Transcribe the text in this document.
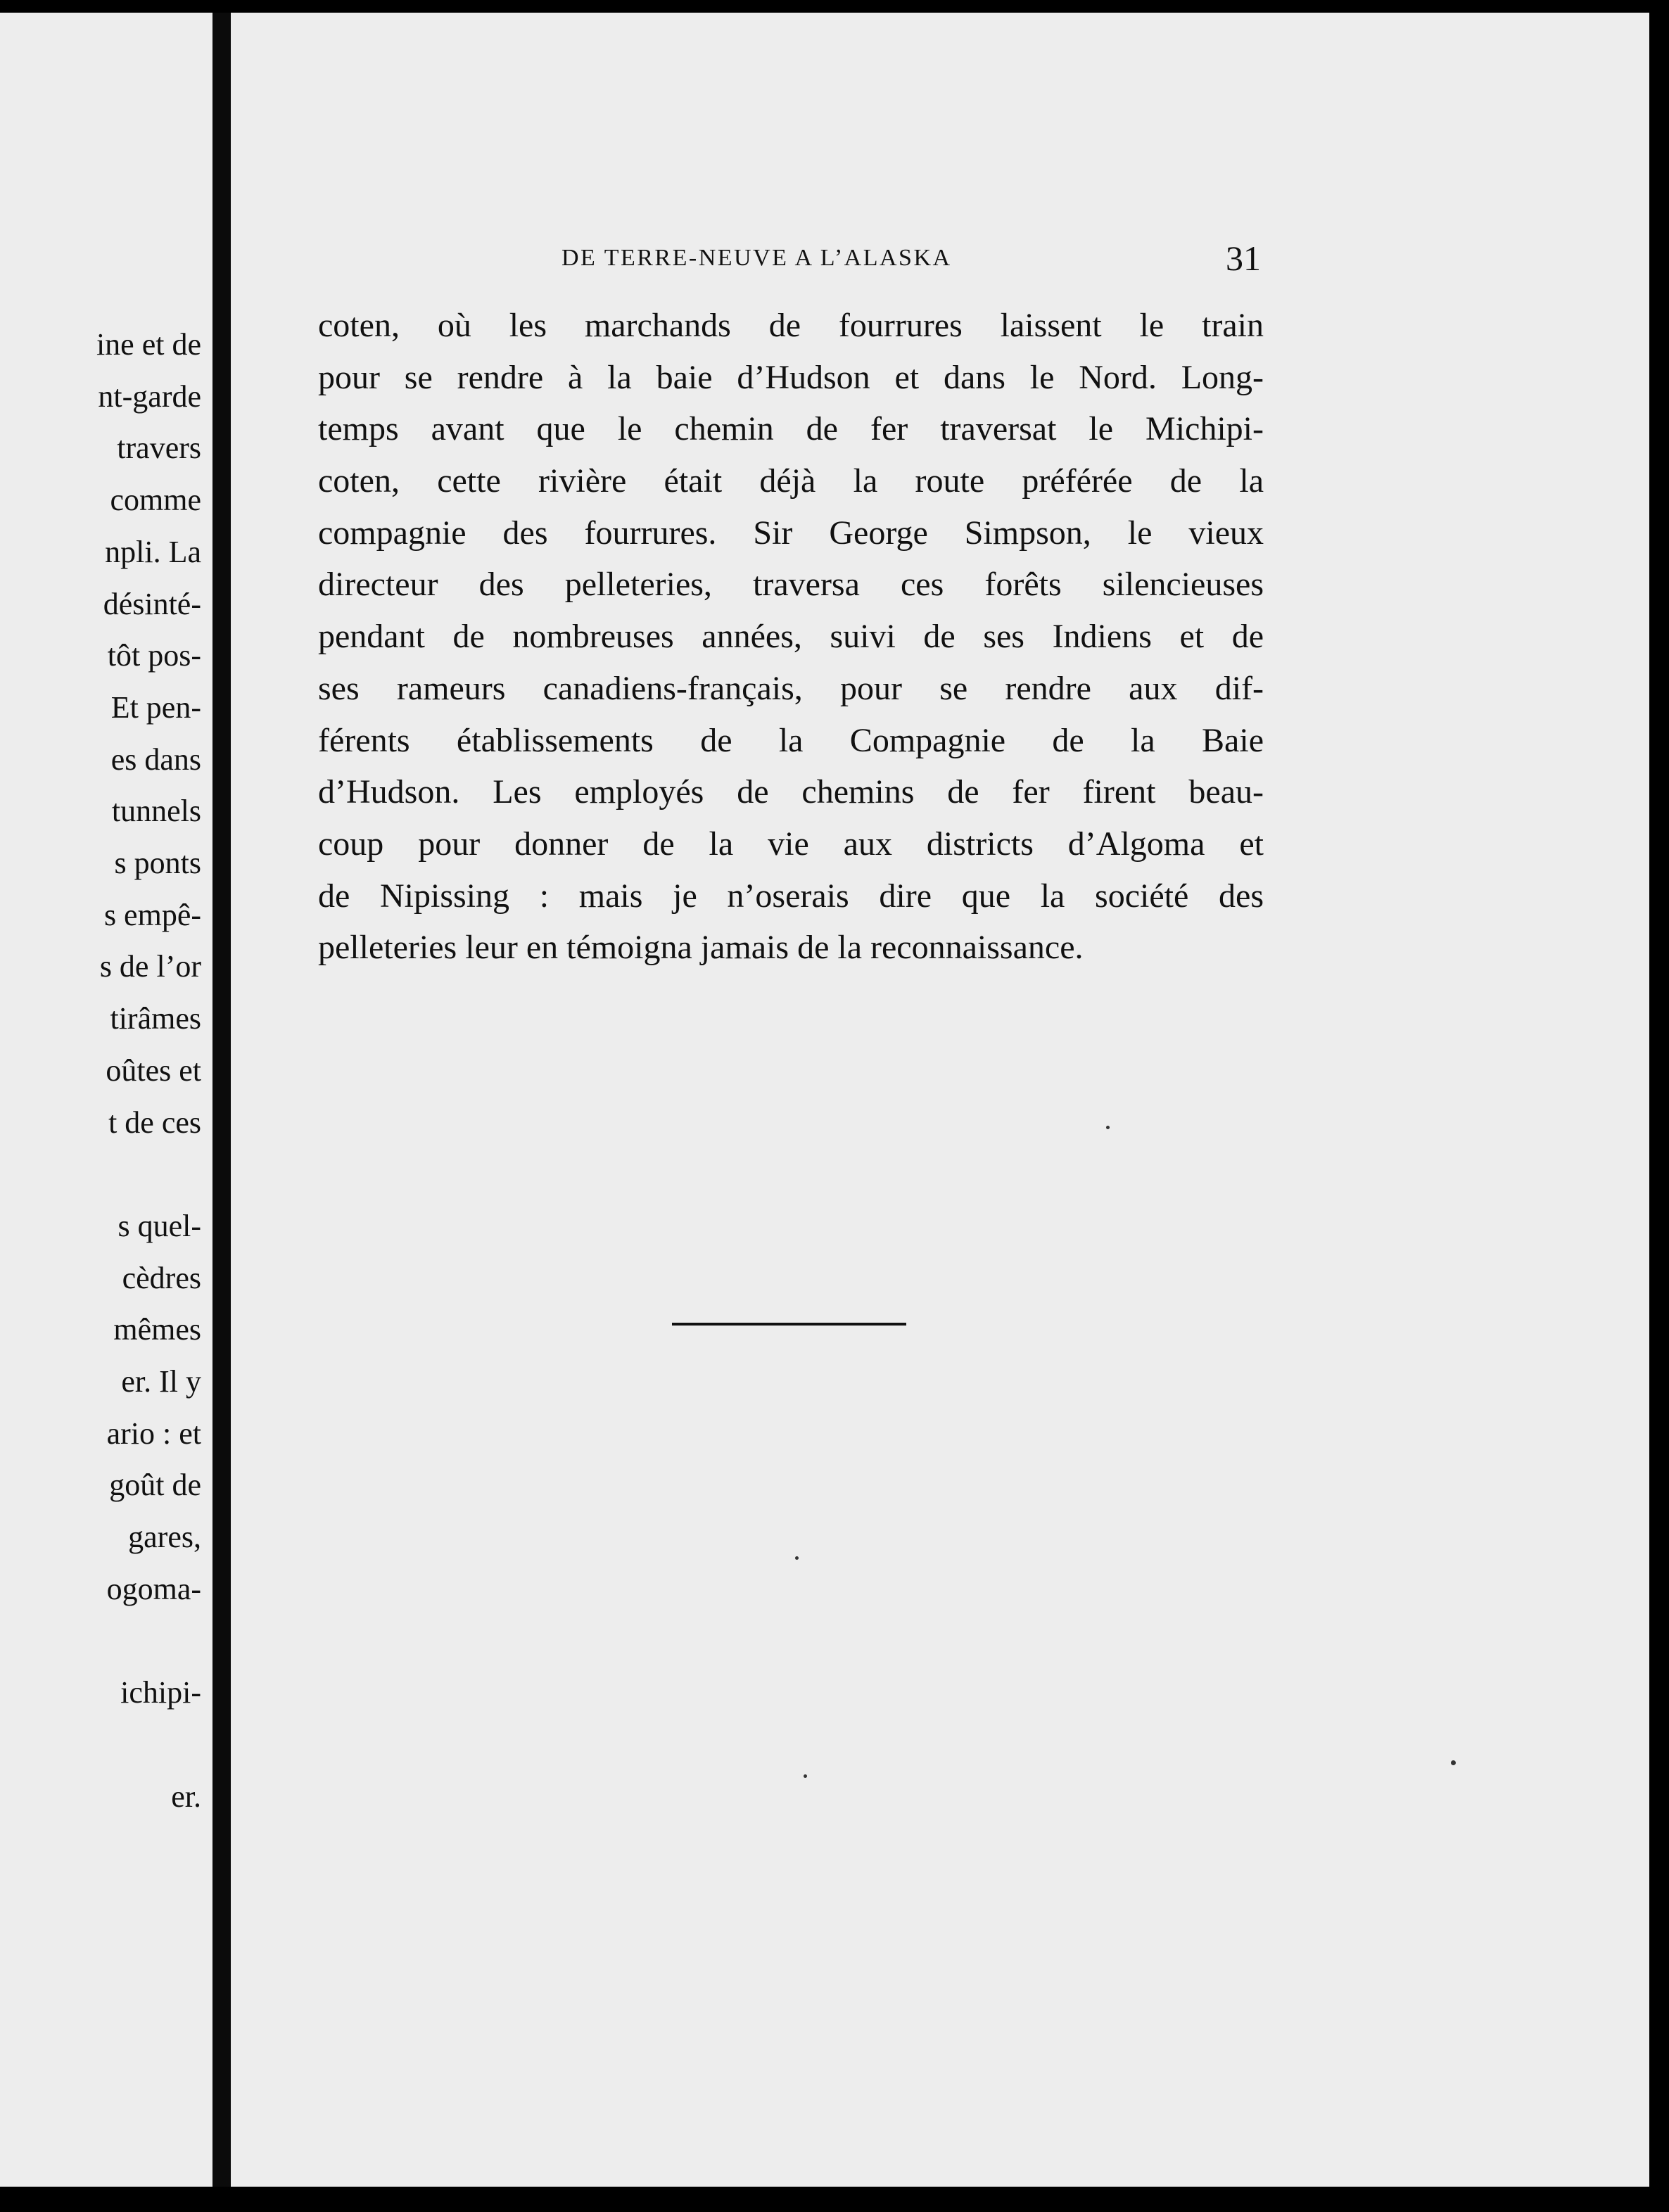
ine et de

nt-garde

travers

comme

npli. La

désinté-

tôt pos-

Et pen-

es dans

tunnels

s ponts

s empê-

s de l’or

tirâmes

oûtes et

t de ces

s quel-

cèdres

mêmes

er. Il y

ario : et

goût de

gares,

ogoma-

ichipi-

er.

DE TERRE-NEUVE A L’ALASKA	31
coten, où les marchands de fourrures laissent le train
pour se rendre à la baie d’Hudson et dans le Nord. Long-
temps avant que le chemin de fer traversat le Michipi-
coten, cette rivière était déjà la route préférée de la
compagnie des fourrures. Sir George Simpson, le vieux
directeur des pelleteries, traversa ces forêts silencieuses
pendant de nombreuses années, suivi de ses Indiens et de
ses rameurs canadiens-français, pour se rendre aux dif-
férents établissements de la Compagnie de la Baie
d’Hudson. Les employés de chemins de fer firent beau-
coup pour donner de la vie aux districts d’Algoma et
de Nipissing : mais je n’oserais dire que la société des
pelleteries leur en témoigna jamais de la reconnaissance.
